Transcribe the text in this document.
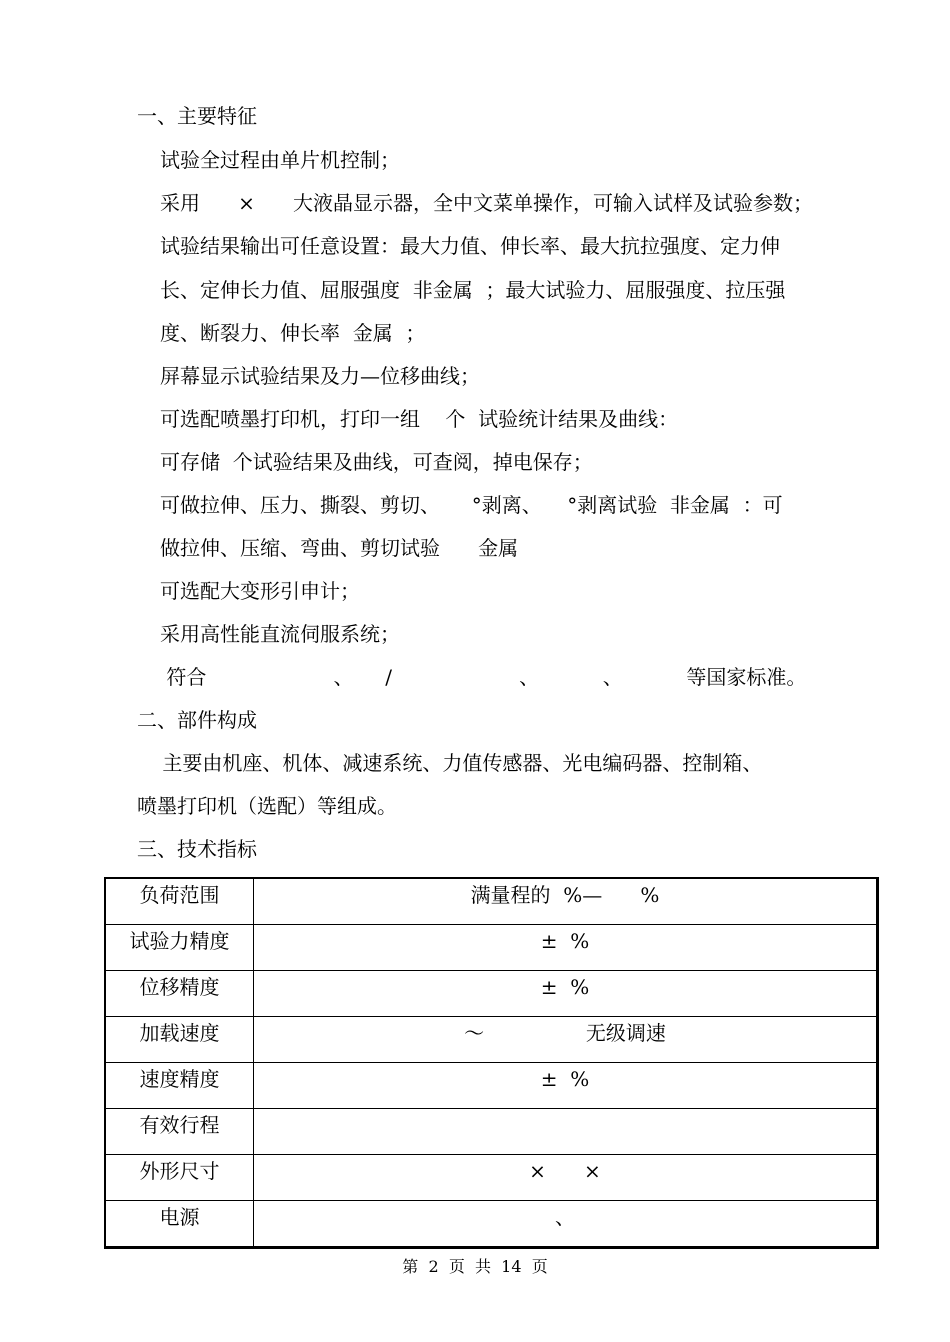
一、主要特征
试验全过程由单片机控制；
采用      ×      大液晶显示器，全中文菜单操作，可输入试样及试验参数；
试验结果输出可任意设置：最大力值、伸长率、最大抗拉强度、定力伸
长、定伸长力值、屈服强度  非金属  ；最大试验力、屈服强度、拉压强
度、断裂力、伸长率  金属  ；
屏幕显示试验结果及力—位移曲线；
可选配喷墨打印机，打印一组    个  试验统计结果及曲线：
可存储  个试验结果及曲线，可查阅，掉电保存；
可做拉伸、压力、撕裂、剪切、     °剥离、    °剥离试验  非金属  ：可
做拉伸、压缩、弯曲、剪切试验      金属
可选配大变形引申计；
采用高性能直流伺服系统；
符合                    、     /                    、          、          等国家标准。
二、部件构成
主要由机座、机体、减速系统、力值传感器、光电编码器、控制箱、
喷墨打印机（选配）等组成。
三、技术指标
负荷范围	满量程的  %—      %
试验力精度	±  %
位移精度	±  %
加载速度	～                无级调速
速度精度	±  %
有效行程	
外形尺寸	×      ×
电源	、
第  2  页  共  14  页
